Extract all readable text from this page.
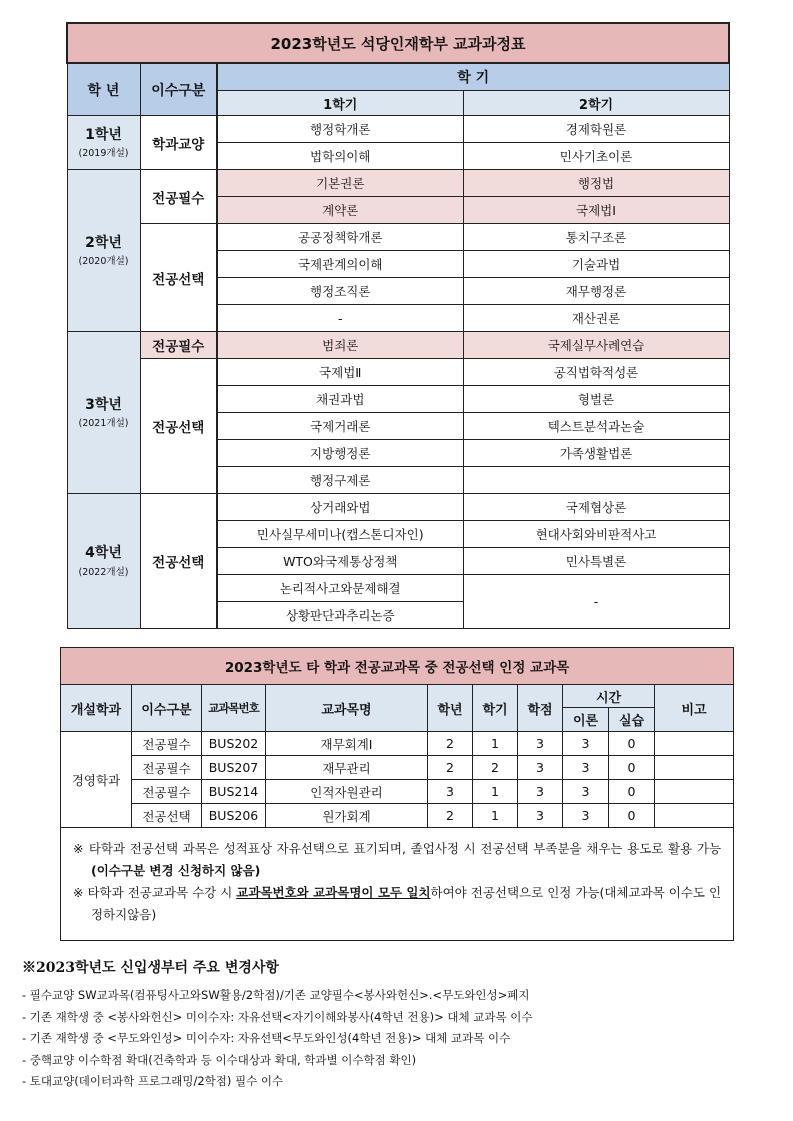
2023학년도 석당인재학부 교과과정표			
학 년	이수구분	학 기	
		1학기	2학기
1학년
(2019개설)	학과교양	행정학개론	경제학원론
		법학의이해	민사기초이론
2학년
(2020개설)	전공필수	기본권론	행정법
		계약론	국제법Ⅰ
	전공선택	공공정책학개론	통치구조론
		국제관계의이해	기술과법
		행정조직론	재무행정론
		-	재산권론
3학년
(2021개설)	전공필수	범죄론	국제실무사례연습
	전공선택	국제법Ⅱ	공직법학적성론
		채권과법	형벌론
		국제거래론	텍스트분석과논술
		지방행정론	가족생활법론
		행정구제론	
4학년
(2022개설)	전공선택	상거래와법	국제협상론
		민사실무세미나(캡스톤디자인)	현대사회와비판적사고
		WTO와국제통상정책	민사특별론
		논리적사고와문제해결	-
		상황판단과추리논증	
2023학년도 타 학과 전공교과목 중 전공선택 인정 교과목									
개설학과	이수구분	교과목번호	교과목명	학년	학기	학점	시간		비고
							이론	실습	
경영학과	전공필수	BUS202	재무회계Ⅰ	2	1	3	3	0	
	전공필수	BUS207	재무관리	2	2	3	3	0	
	전공필수	BUS214	인적자원관리	3	1	3	3	0	
	전공선택	BUS206	원가회계	2	1	3	3	0	

※ 타학과 전공선택 과목은 성적표상 자유선택으로 표기되며, 졸업사정 시 전공선택 부족분을 채우는 용도로 활용 가능(이수구분 변경 신청하지 않음)
※ 타학과 전공교과목 수강 시 교과목번호와 교과목명이 모두 일치하여야 전공선택으로 인정 가능(대체교과목 이수도 인정하지않음)									
※2023학년도 신입생부터 주요 변경사항
- 필수교양 SW교과목(컴퓨팅사고와SW활용/2학점)/기존 교양필수<봉사와헌신>.<무도와인성>폐지
- 기존 재학생 중 <봉사와헌신> 미이수자: 자유선택<자기이해와봉사(4학년 전용)> 대체 교과목 이수
- 기존 재학생 중 <무도와인성> 미이수자: 자유선택<무도와인성(4학년 전용)> 대체 교과목 이수
- 중핵교양 이수학점 확대(건축학과 등 이수대상과 확대, 학과별 이수학점 확인)
- 토대교양(데이터과학 프로그래밍/2학점) 필수 이수
